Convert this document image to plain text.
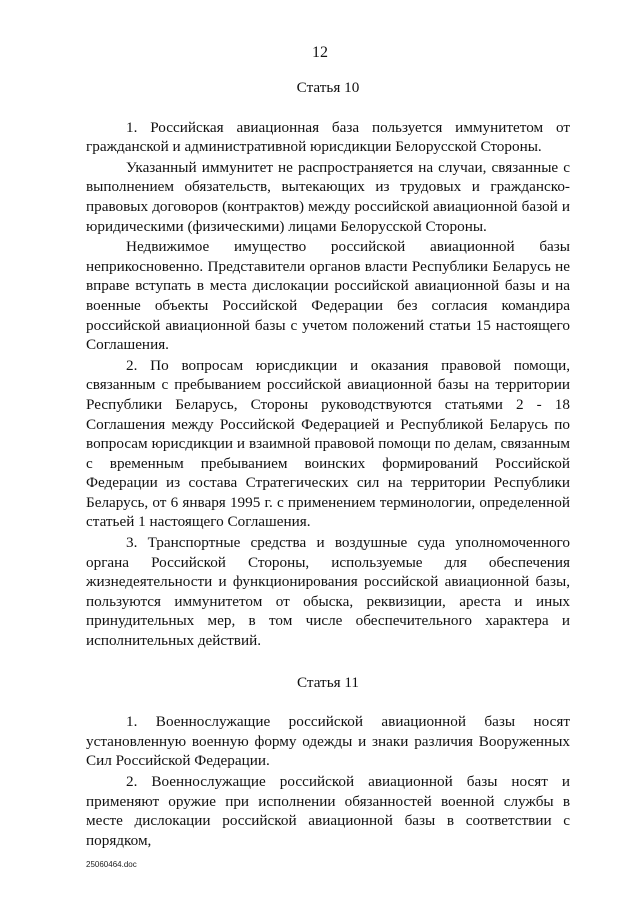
12
Статья 10

1. Российская авиационная база пользуется иммунитетом от гражданской и административной юрисдикции Белорусской Стороны.

Указанный иммунитет не распространяется на случаи, связанные с выполнением обязательств, вытекающих из трудовых и гражданско-правовых договоров (контрактов) между российской авиационной базой и юридическими (физическими) лицами Белорусской Стороны.

Недвижимое имущество российской авиационной базы неприкосновенно. Представители органов власти Республики Беларусь не вправе вступать в места дислокации российской авиационной базы и на военные объекты Российской Федерации без согласия командира российской авиационной базы с учетом положений статьи 15 настоящего Соглашения.

2. По вопросам юрисдикции и оказания правовой помощи, связанным с пребыванием российской авиационной базы на территории Республики Беларусь, Стороны руководствуются статьями 2 - 18 Соглашения между Российской Федерацией и Республикой Беларусь по вопросам юрисдикции и взаимной правовой помощи по делам, связанным с временным пребыванием воинских формирований Российской Федерации из состава Стратегических сил на территории Республики Беларусь, от 6 января 1995 г. с применением терминологии, определенной статьей 1 настоящего Соглашения.

3. Транспортные средства и воздушные суда уполномоченного органа Российской Стороны, используемые для обеспечения жизнедеятельности и функционирования российской авиационной базы, пользуются иммунитетом от обыска, реквизиции, ареста и иных принудительных мер, в том числе обеспечительного характера и исполнительных действий.

Статья 11

1. Военнослужащие российской авиационной базы носят установленную военную форму одежды и знаки различия Вооруженных Сил Российской Федерации.

2. Военнослужащие российской авиационной базы носят и применяют оружие при исполнении обязанностей военной службы в месте дислокации российской авиационной базы в соответствии с порядком,

25060464.doc
